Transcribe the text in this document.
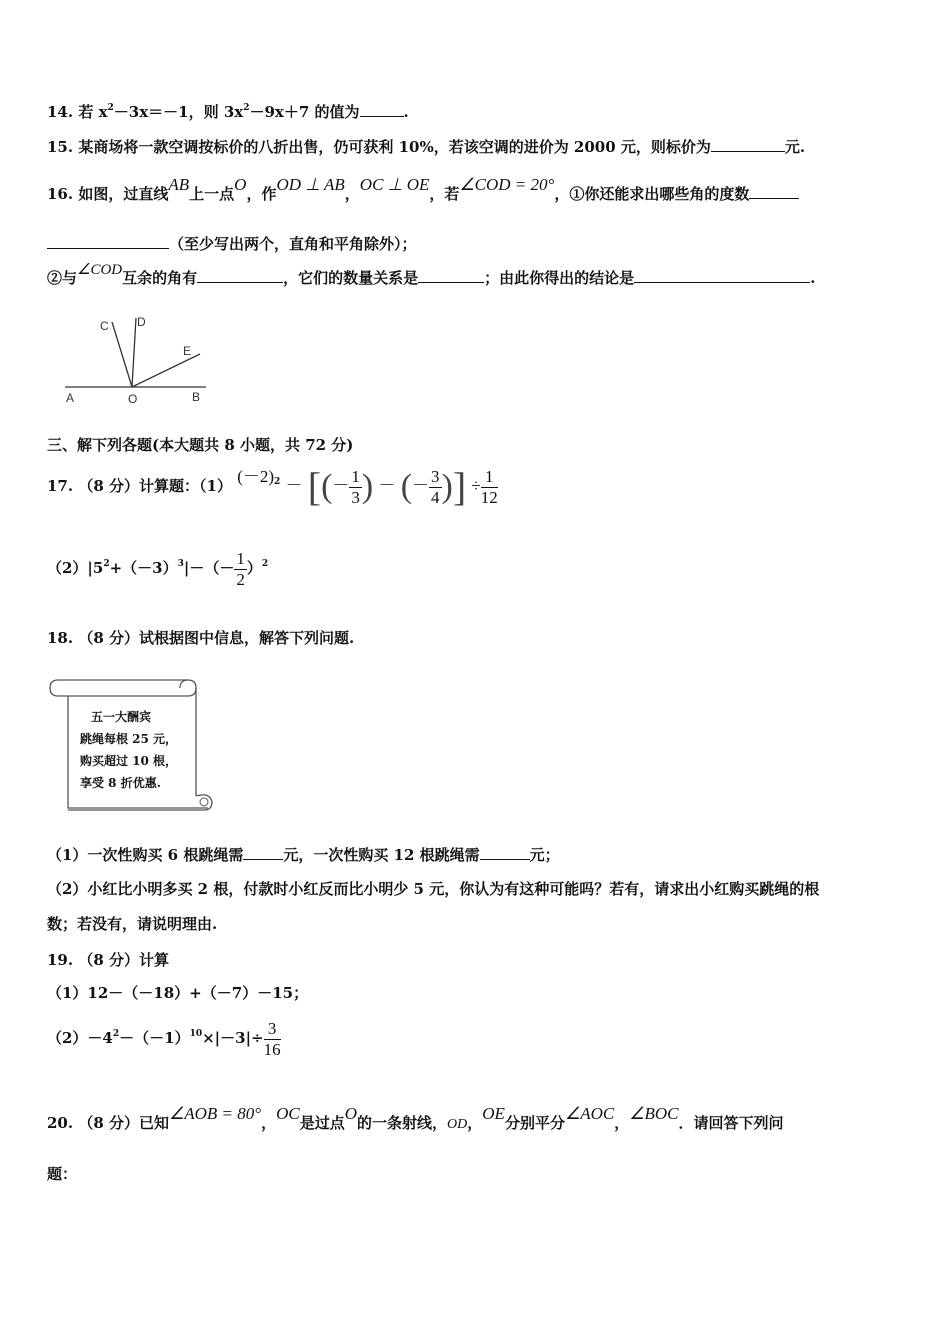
14. 若 $x^2-3x=-1$，则 $3x^2-9x+7$ 的值为	.
15. 某商场将一款空调按标价的八折出售，仍可获利 10%，若该空调的进价为 2000 元，则标价为	元.
16. 如图，过直线AB上一点O，作OD ⊥ AB，OC ⊥ OE，若∠COD = 20°，①你还能求出哪些角的度数
（至少写出两个，直角和平角除外）；
②与∠COD互余的角有	，它们的数量关系是	；由此你得出的结论是	.
C D
E
A	O	B
三、解下列各题(本大题共 8 小题，共 72 分)
17. （8 分）计算题：（1） $(-2)^2$ － [(－ $\frac{1}{3}$ ) － (－ $\frac{3}{4}$ )] ÷ $\frac{1}{12}$
$(2)|5^2+(-3)^3|-(- \frac{1}{2} )^2$
18. （8 分）试根据图中信息，解答下列问题.
五一大酬宾
跳绳每根 25 元，
购买超过 10 根，
享受 8 折优惠.
（1）一次性购买 6 根跳绳需	元，一次性购买 12 根跳绳需	元；
（2）小红比小明多买 2 根，付款时小红反而比小明少 5 元，你认为有这种可能吗？若有，请求出小红购买跳绳的根
数；若没有，请说明理由.
19. （8 分）计算
（1）12－（－18）+（－7）－15；
$(2)-4^2-(-1)^{10}\times|-3|\div \frac{3}{16}$
20. （8 分）已知∠AOB = 80°，OC是过点O的一条射线，OD，OE分别平分∠AOC，∠BOC．请回答下列问
题：
